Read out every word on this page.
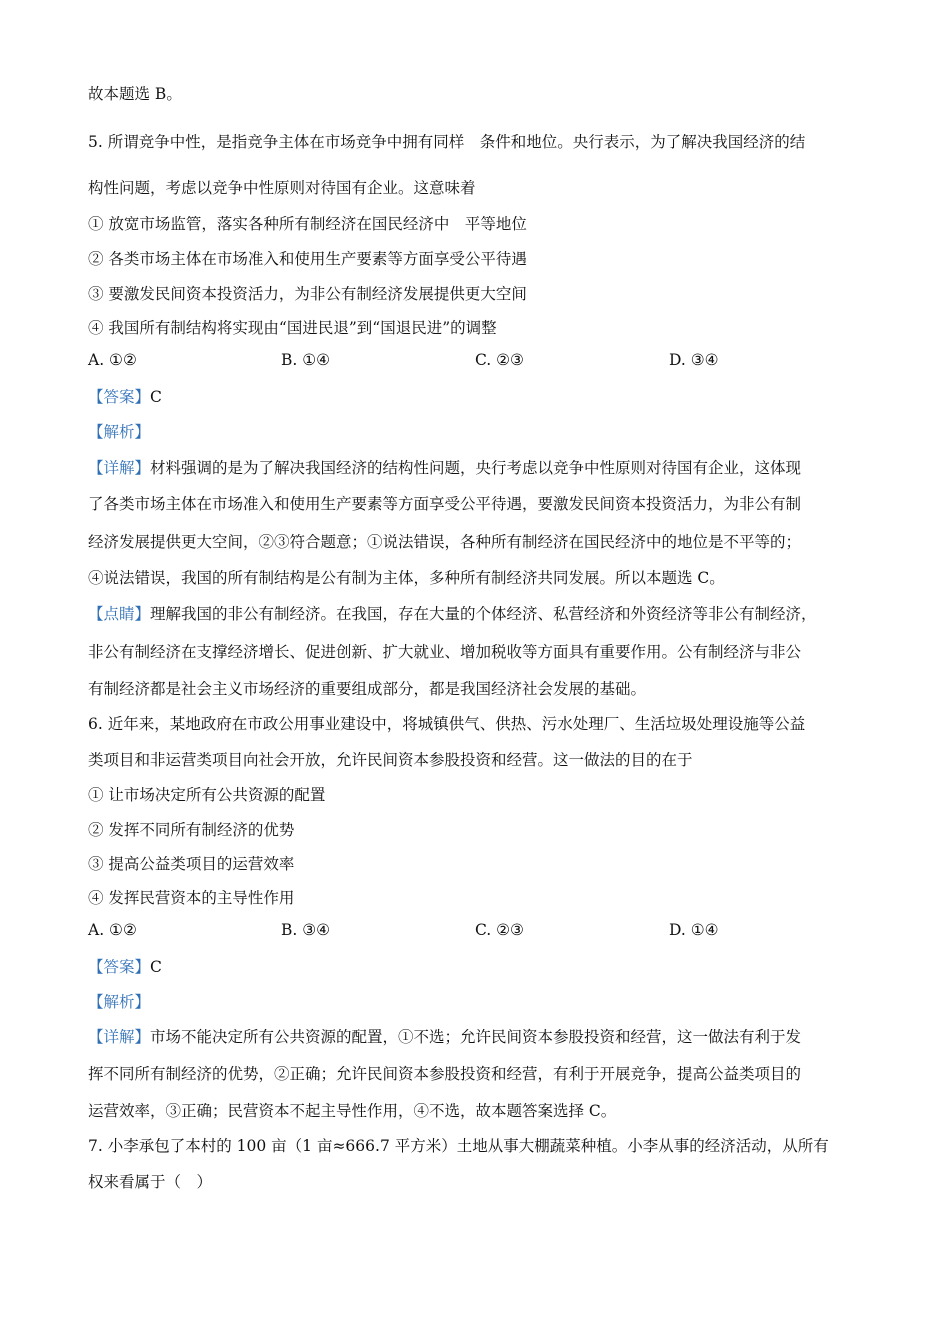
故本题选 B。
5. 所谓竞争中性，是指竞争主体在市场竞争中拥有同样　条件和地位。央行表示，为了解决我国经济的结
构性问题，考虑以竞争中性原则对待国有企业。这意味着
① 放宽市场监管，落实各种所有制经济在国民经济中　平等地位
② 各类市场主体在市场准入和使用生产要素等方面享受公平待遇
③ 要激发民间资本投资活力，为非公有制经济发展提供更大空间
④ 我国所有制结构将实现由“国进民退”到“国退民进”的调整
A. ①②	B. ①④	C. ②③	D. ③④
【答案】C
【解析】
【详解】材料强调的是为了解决我国经济的结构性问题，央行考虑以竞争中性原则对待国有企业，这体现
了各类市场主体在市场准入和使用生产要素等方面享受公平待遇，要激发民间资本投资活力，为非公有制
经济发展提供更大空间，②③符合题意；①说法错误，各种所有制经济在国民经济中的地位是不平等的；
④说法错误，我国的所有制结构是公有制为主体，多种所有制经济共同发展。所以本题选 C。
【点睛】理解我国的非公有制经济。在我国，存在大量的个体经济、私营经济和外资经济等非公有制经济，
非公有制经济在支撑经济增长、促进创新、扩大就业、增加税收等方面具有重要作用。公有制经济与非公
有制经济都是社会主义市场经济的重要组成部分，都是我国经济社会发展的基础。
6. 近年来，某地政府在市政公用事业建设中，将城镇供气、供热、污水处理厂、生活垃圾处理设施等公益
类项目和非运营类项目向社会开放，允许民间资本参股投资和经营。这一做法的目的在于
① 让市场决定所有公共资源的配置
② 发挥不同所有制经济的优势
③ 提高公益类项目的运营效率
④ 发挥民营资本的主导性作用
A. ①②	B. ③④	C. ②③	D. ①④
【答案】C
【解析】
【详解】市场不能决定所有公共资源的配置，①不选；允许民间资本参股投资和经营，这一做法有利于发
挥不同所有制经济的优势，②正确；允许民间资本参股投资和经营，有利于开展竞争，提高公益类项目的
运营效率，③正确；民营资本不起主导性作用，④不选，故本题答案选择 C。
7. 小李承包了本村的 100 亩（1 亩≈666.7 平方米）土地从事大棚蔬菜种植。小李从事的经济活动，从所有
权来看属于（　）
